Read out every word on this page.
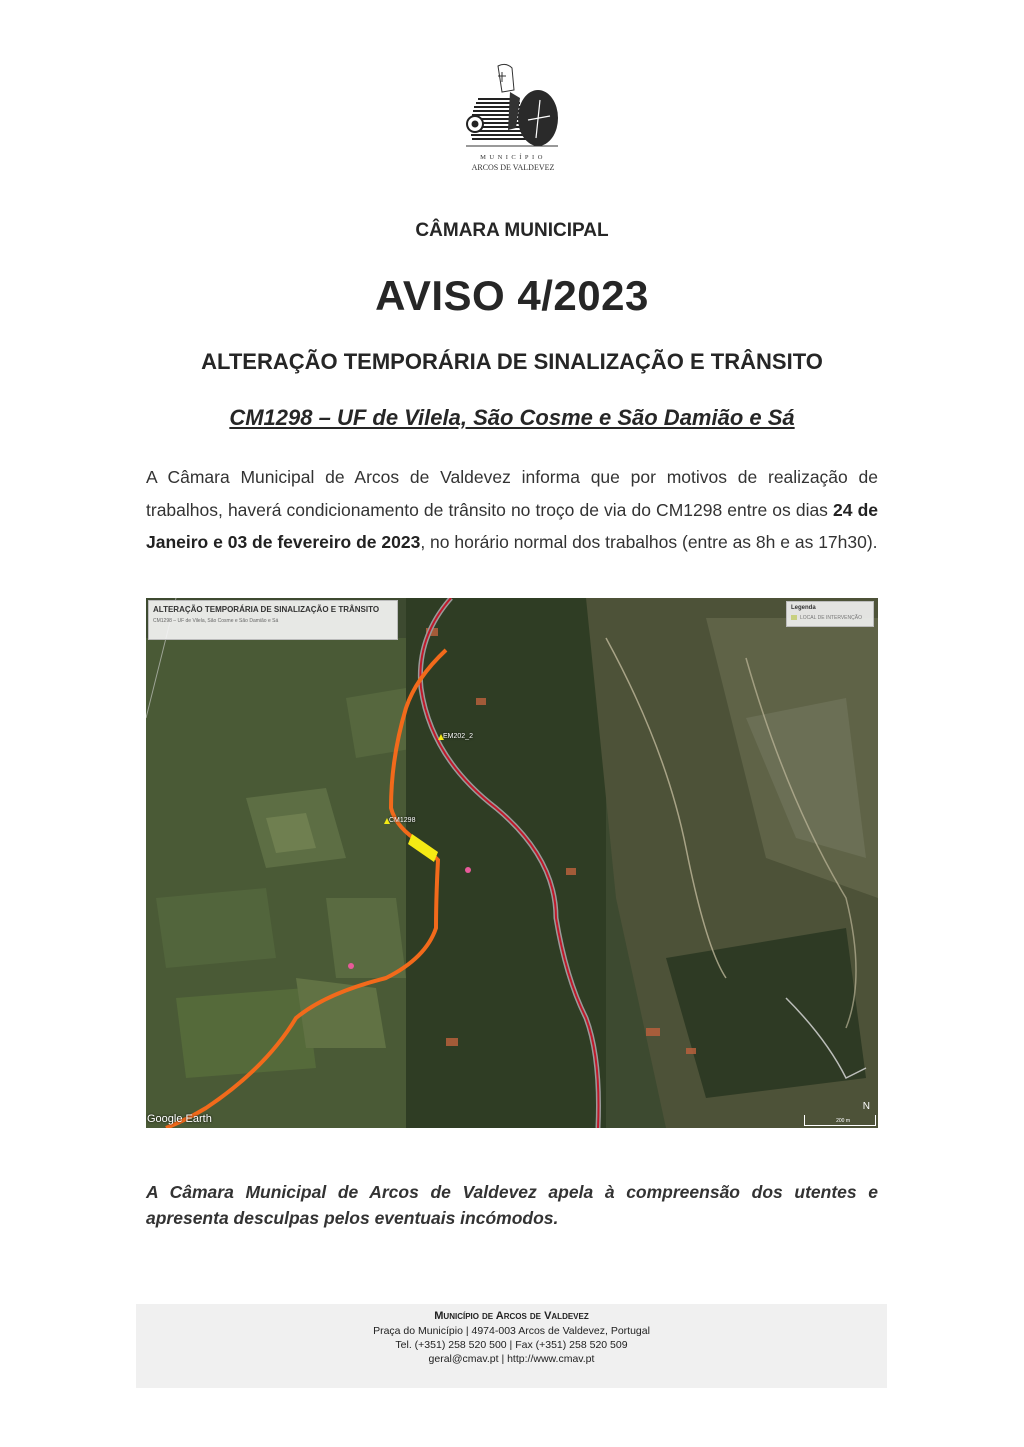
MUNICÍPIO
ARCOS DE VALDEVEZ
CÂMARA MUNICIPAL
AVISO 4/2023
ALTERAÇÃO TEMPORÁRIA DE SINALIZAÇÃO E TRÂNSITO
CM1298 – UF de Vilela, São Cosme e São Damião e Sá
A Câmara Municipal de Arcos de Valdevez informa que por motivos de realização de trabalhos, haverá condicionamento de trânsito no troço de via do CM1298 entre os dias 24 de Janeiro e 03 de fevereiro de 2023, no horário normal dos trabalhos (entre as 8h e as 17h30).
ALTERAÇÃO TEMPORÁRIA DE SINALIZAÇÃO E TRÂNSITO
CM1298 – UF de Vilela, São Cosme e São Damião e Sá
Legenda
LOCAL DE INTERVENÇÃO
EM202_2
CM1298
Google Earth
N
200 m
A Câmara Municipal de Arcos de Valdevez apela à compreensão dos utentes e apresenta desculpas pelos eventuais incómodos.
Município de Arcos de Valdevez
Praça do Município | 4974-003 Arcos de Valdevez, Portugal
Tel. (+351) 258 520 500 | Fax (+351) 258 520 509
geral@cmav.pt | http://www.cmav.pt
